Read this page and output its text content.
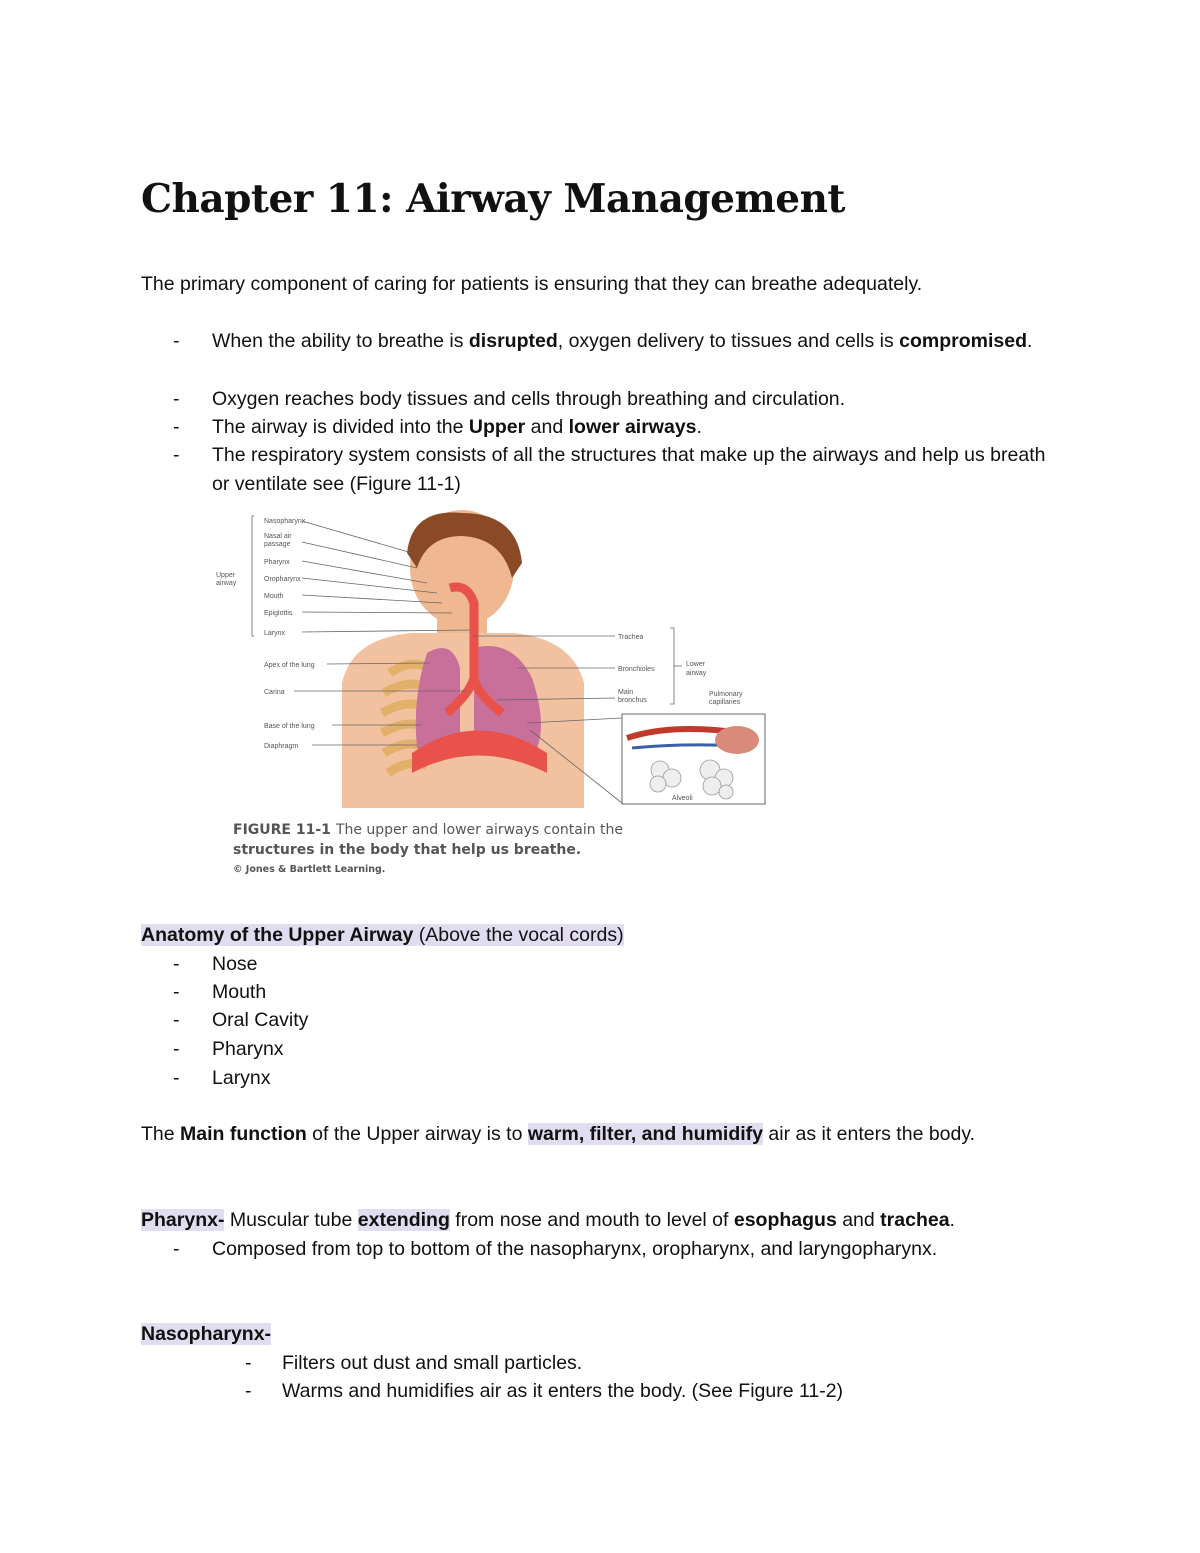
Chapter 11: Airway Management

The primary component of caring for patients is ensuring that they can breathe adequately.

-	When the ability to breathe is disrupted, oxygen delivery to tissues and cells is compromised.
-	Oxygen reaches body tissues and cells through breathing and circulation.
-	The airway is divided into the Upper and lower airways.
-	The respiratory system consists of all the structures that make up the airways and help us breath or ventilate see (Figure 11-1)
Nasopharynx
Nasal air
passage
Pharynx
Oropharynx
Mouth
Epiglottis
Larynx
Apex of the lung
Carina
Base of the lung
Diaphragm
Upper
airway
Trachea
Bronchioles
Main
bronchus
Lower
airway
Pulmonary
capillaries
Alveoli
FIGURE 11-1 The upper and lower airways contain the
structures in the body that help us breathe.
© Jones & Bartlett Learning.

Anatomy of the Upper Airway (Above the vocal cords)

-	Nose
-	Mouth
-	Oral Cavity
-	Pharynx
-	Larynx

The Main function of the Upper airway is to warm, filter, and humidify air as it enters the body.

Pharynx- Muscular tube extending from nose and mouth to level of esophagus and trachea.

-	Composed from top to bottom of the nasopharynx, oropharynx, and laryngopharynx.

Nasopharynx-

-	Filters out dust and small particles.
-	Warms and humidifies air as it enters the body. (See Figure 11-2)
